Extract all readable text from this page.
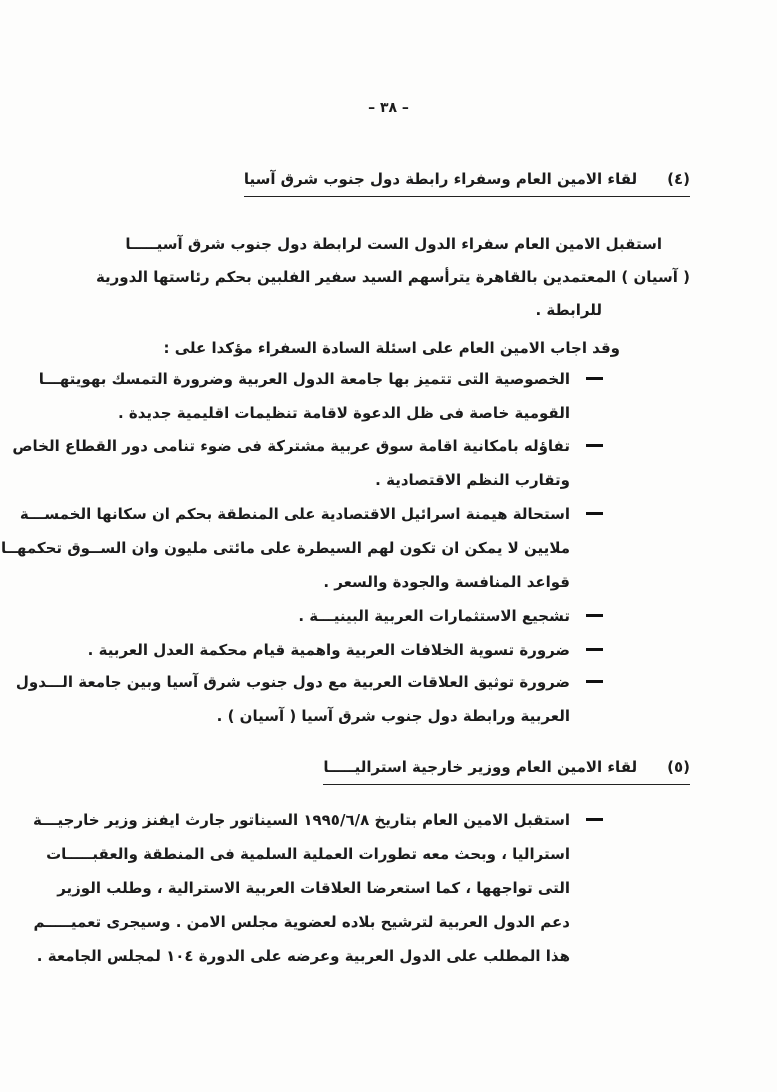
– ٣٨ –
(٤)لقاء الامين العام وسفراء رابطة دول جنوب شرق آسيا
استقبل الامين العام سفراء الدول الست لرابطة دول جنوب شرق آسيـــــا
( آسيان ) المعتمدين بالقاهرة يترأسهم السيد سفير الفلبين بحكم رئاستها الدورية
للرابطة .
وقد اجاب الامين العام على اسئلة السادة السفراء مؤكدا على :
الخصوصية التى تتميز بها جامعة الدول العربية وضرورة التمسك بهويتهـــا
القومية خاصة فى ظل الدعوة لاقامة تنظيمات اقليمية جديدة .
تفاؤله بامكانية اقامة سوق عربية مشتركة فى ضوء تنامى دور القطاع الخاص
وتقارب النظم الاقتصادية .
استحالة هيمنة اسرائيل الاقتصادية على المنطقة بحكم ان سكانها الخمســـة
ملايين لا يمكن ان تكون لهم السيطرة على مائتى مليون وان الســوق تحكمهــا
قواعد المنافسة والجودة والسعر .
تشجيع الاستثمارات العربية البينيـــة .
ضرورة تسوية الخلافات العربية واهمية قيام محكمة العدل العربية .
ضرورة توثيق العلاقات العربية مع دول جنوب شرق آسيا وبين جامعة الـــدول
العربية ورابطة دول جنوب شرق آسيا ( آسيان ) .
(٥)لقاء الامين العام ووزير خارجية استراليـــــا
استقبل الامين العام بتاريخ ١٩٩٥/٦/٨ السيناتور جارث ايفنز وزير خارجيـــة
استراليا ، وبحث معه تطورات العملية السلمية فى المنطقة والعقبـــــات
التى تواجهها ، كما استعرضا العلاقات العربية الاسترالية ، وطلب الوزير
دعم الدول العربية لترشيح بلاده لعضوية مجلس الامن . وسيجرى تعميـــــم
هذا المطلب على الدول العربية وعرضه على الدورة ١٠٤ لمجلس الجامعة .
